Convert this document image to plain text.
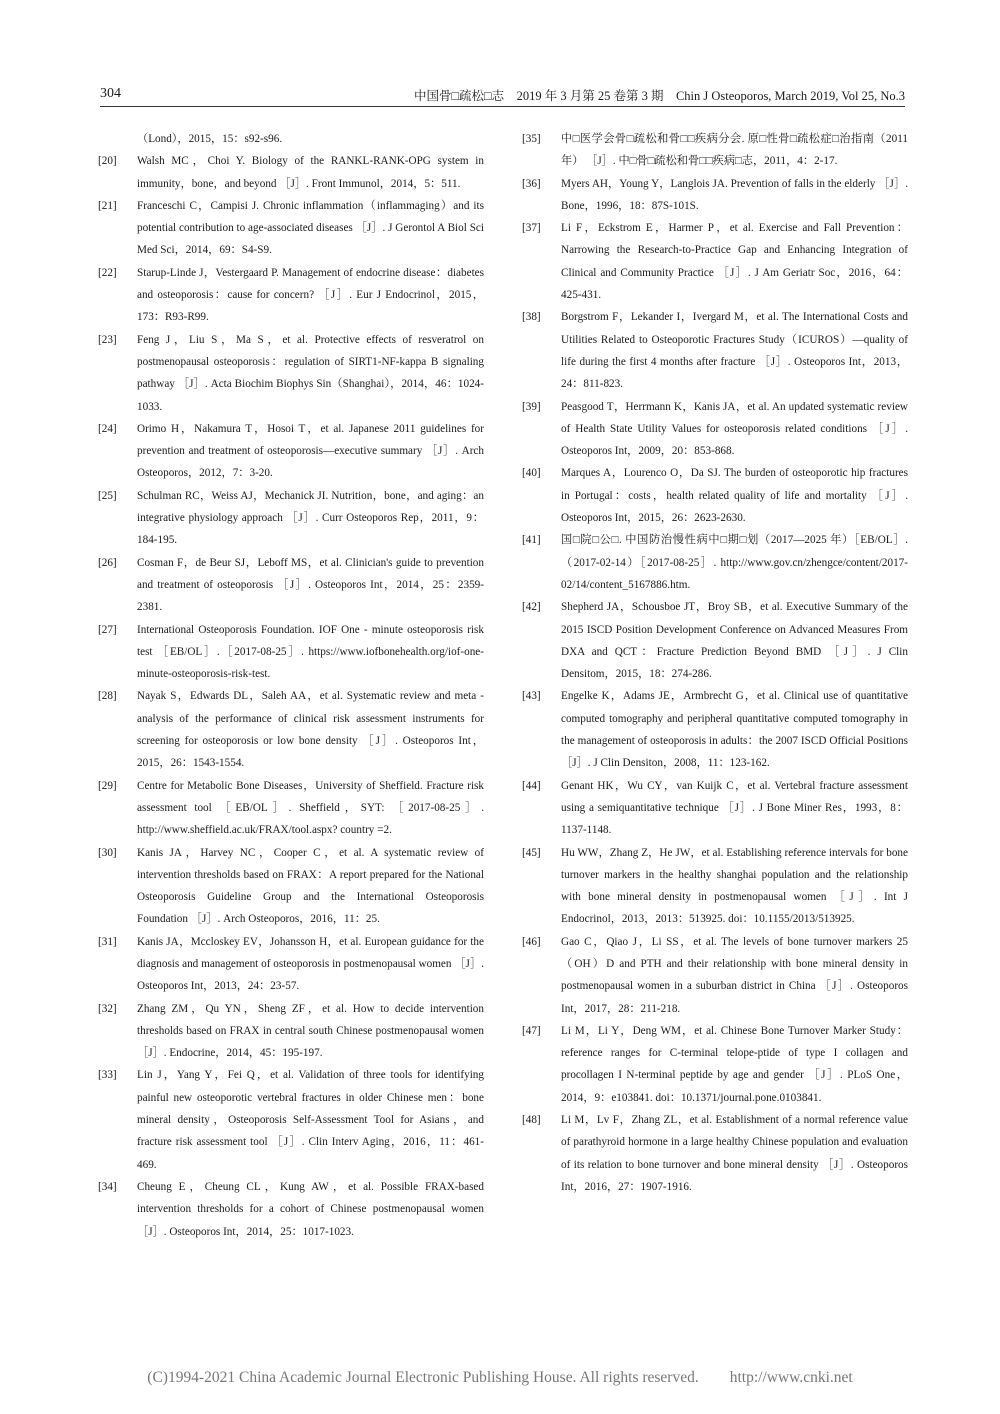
304	中国骨□疏松□志　2019 年 3 月第 25 卷第 3 期　Chin J Osteoporos, March 2019, Vol 25, No.3
（Lond），2015，15：s92-s96.
[20] Walsh MC，Choi Y. Biology of the RANKL-RANK-OPG system in immunity，bone，and beyond ［J］. Front Immunol，2014，5：511.
[21] Franceschi C，Campisi J. Chronic inflammation（inflammaging）and its potential contribution to age-associated diseases ［J］. J Gerontol A Biol Sci Med Sci，2014，69：S4-S9.
[22] Starup-Linde J，Vestergaard P. Management of endocrine disease：diabetes and osteoporosis：cause for concern? ［J］. Eur J Endocrinol，2015，173：R93-R99.
[23] Feng J，Liu S，Ma S，et al. Protective effects of resveratrol on postmenopausal osteoporosis：regulation of SIRT1-NF-kappa B signaling pathway ［J］. Acta Biochim Biophys Sin（Shanghai），2014，46：1024-1033.
[24] Orimo H，Nakamura T，Hosoi T，et al. Japanese 2011 guidelines for prevention and treatment of osteoporosis—executive summary ［J］. Arch Osteoporos，2012，7：3-20.
[25] Schulman RC，Weiss AJ，Mechanick JI. Nutrition，bone，and aging：an integrative physiology approach ［J］. Curr Osteoporos Rep，2011，9：184-195.
[26] Cosman F，de Beur SJ，Leboff MS，et al. Clinician's guide to prevention and treatment of osteoporosis ［J］. Osteoporos Int，2014，25：2359-2381.
[27] International Osteoporosis Foundation. IOF One - minute osteoporosis risk test ［EB/OL］.［2017-08-25］. https://www.iofbonehealth.org/iof-one-minute-osteoporosis-risk-test.
[28] Nayak S，Edwards DL，Saleh AA，et al. Systematic review and meta - analysis of the performance of clinical risk assessment instruments for screening for osteoporosis or low bone density ［J］. Osteoporos Int，2015，26：1543-1554.
[29] Centre for Metabolic Bone Diseases，University of Sheffield. Fracture risk assessment tool ［EB/OL］. Sheffield，SYT: ［2017-08-25］. http://www.sheffield.ac.uk/FRAX/tool.aspx? country =2.
[30] Kanis JA，Harvey NC，Cooper C，et al. A systematic review of intervention thresholds based on FRAX：A report prepared for the National Osteoporosis Guideline Group and the International Osteoporosis Foundation ［J］. Arch Osteoporos，2016，11：25.
[31] Kanis JA，Mccloskey EV，Johansson H，et al. European guidance for the diagnosis and management of osteoporosis in postmenopausal women ［J］. Osteoporos Int，2013，24：23-57.
[32] Zhang ZM，Qu YN，Sheng ZF，et al. How to decide intervention thresholds based on FRAX in central south Chinese postmenopausal women ［J］. Endocrine，2014，45：195-197.
[33] Lin J，Yang Y，Fei Q，et al. Validation of three tools for identifying painful new osteoporotic vertebral fractures in older Chinese men：bone mineral density，Osteoporosis Self-Assessment Tool for Asians，and fracture risk assessment tool ［J］. Clin Interv Aging，2016，11：461-469.
[34] Cheung E，Cheung CL，Kung AW，et al. Possible FRAX-based intervention thresholds for a cohort of Chinese postmenopausal women ［J］. Osteoporos Int，2014，25：1017-1023.
[35] 中□医学会骨□疏松和骨□□疾病分会. 原□性骨□疏松症□治指南（2011 年） ［J］. 中□骨□疏松和骨□□疾病□志，2011，4：2-17.
[36] Myers AH，Young Y，Langlois JA. Prevention of falls in the elderly ［J］. Bone，1996，18：87S-101S.
[37] Li F，Eckstrom E，Harmer P，et al. Exercise and Fall Prevention：Narrowing the Research-to-Practice Gap and Enhancing Integration of Clinical and Community Practice ［J］. J Am Geriatr Soc，2016，64：425-431.
[38] Borgstrom F，Lekander I，Ivergard M，et al. The International Costs and Utilities Related to Osteoporotic Fractures Study（ICUROS）—quality of life during the first 4 months after fracture ［J］. Osteoporos Int，2013，24：811-823.
[39] Peasgood T，Herrmann K，Kanis JA，et al. An updated systematic review of Health State Utility Values for osteoporosis related conditions ［J］. Osteoporos Int，2009，20：853-868.
[40] Marques A，Lourenco O，Da SJ. The burden of osteoporotic hip fractures in Portugal：costs，health related quality of life and mortality ［J］. Osteoporos Int，2015，26：2623-2630.
[41] 国□院□公□. 中国防治慢性病中□期□划（2017—2025 年）［EB/OL］.（2017-02-14）［2017-08-25］. http://www.gov.cn/zhengce/content/2017-02/14/content_5167886.htm.
[42] Shepherd JA，Schousboe JT，Broy SB，et al. Executive Summary of the 2015 ISCD Position Development Conference on Advanced Measures From DXA and QCT：Fracture Prediction Beyond BMD ［J］. J Clin Densitom，2015，18：274-286.
[43] Engelke K，Adams JE，Armbrecht G，et al. Clinical use of quantitative computed tomography and peripheral quantitative computed tomography in the management of osteoporosis in adults：the 2007 ISCD Official Positions ［J］. J Clin Densiton，2008，11：123-162.
[44] Genant HK，Wu CY，van Kuijk C，et al. Vertebral fracture assessment using a semiquantitative technique ［J］. J Bone Miner Res，1993，8：1137-1148.
[45] Hu WW，Zhang Z，He JW，et al. Establishing reference intervals for bone turnover markers in the healthy shanghai population and the relationship with bone mineral density in postmenopausal women ［J］. Int J Endocrinol，2013，2013：513925. doi：10.1155/2013/513925.
[46] Gao C，Qiao J，Li SS，et al. The levels of bone turnover markers 25（OH）D and PTH and their relationship with bone mineral density in postmenopausal women in a suburban district in China ［J］. Osteoporos Int，2017，28：211-218.
[47] Li M，Li Y，Deng WM，et al. Chinese Bone Turnover Marker Study：reference ranges for C-terminal telope-ptide of type I collagen and procollagen I N-terminal peptide by age and gender ［J］. PLoS One，2014，9：e103841. doi：10.1371/journal.pone.0103841.
[48] Li M，Lv F，Zhang ZL，et al. Establishment of a normal reference value of parathyroid hormone in a large healthy Chinese population and evaluation of its relation to bone turnover and bone mineral density ［J］. Osteoporos Int，2016，27：1907-1916.
(C)1994-2021 China Academic Journal Electronic Publishing House. All rights reserved.　　http://www.cnki.net
